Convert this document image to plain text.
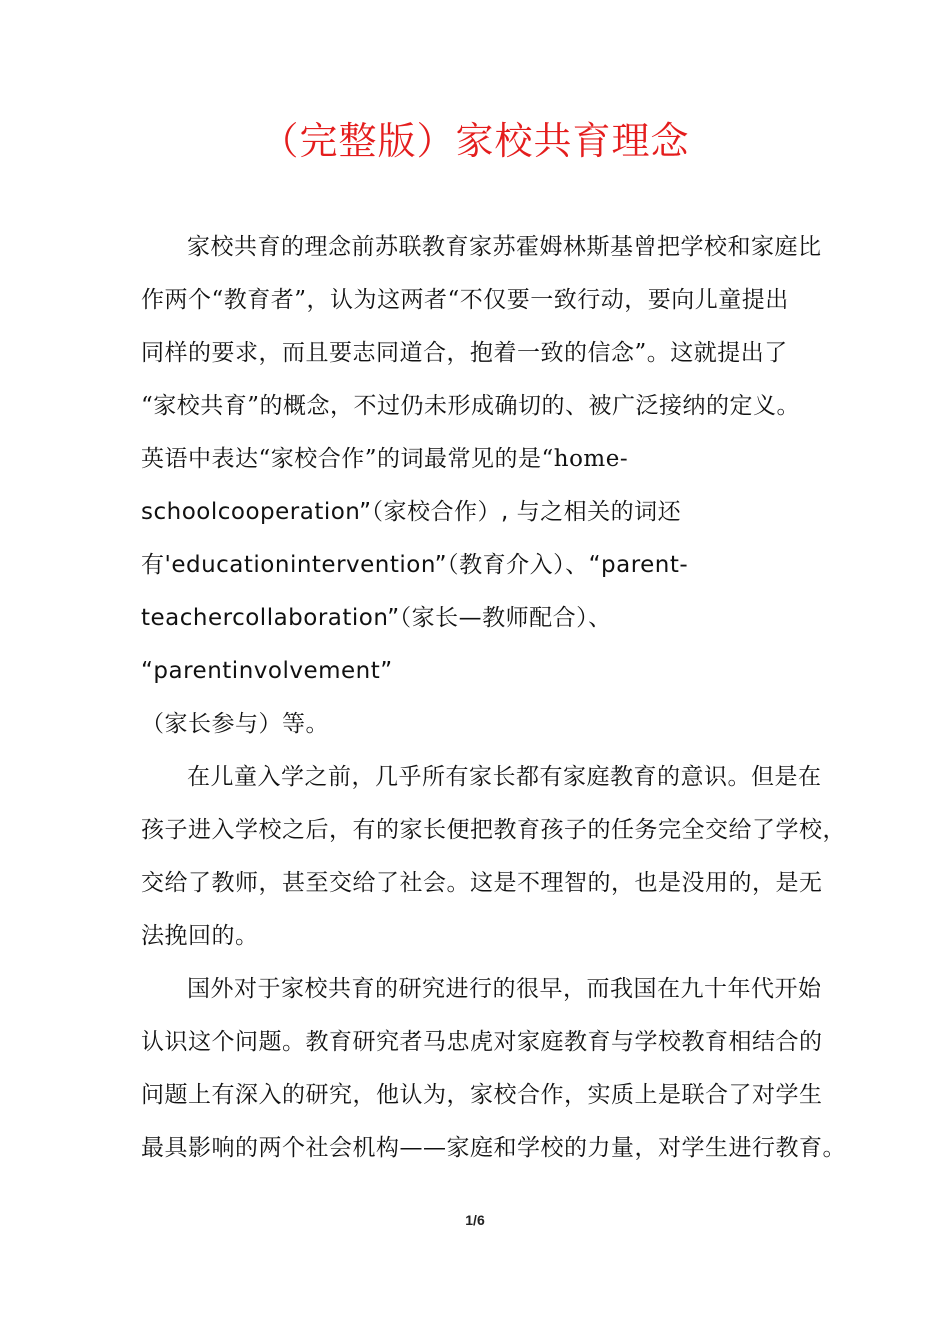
（完整版）家校共育理念
家校共育的理念前苏联教育家苏霍姆林斯基曾把学校和家庭比
作两个“教育者”，认为这两者“不仅要一致行动，要向儿童提出
同样的要求，而且要志同道合，抱着一致的信念”。这就提出了
“家校共育”的概念，不过仍未形成确切的、被广泛接纳的定义。
英语中表达“家校合作”的词最常见的是“home-
schoolcooperation”（家校合作）, 与之相关的词还
有'educationintervention”（教育介入）、“parent-
teachercollaboration”（家长—教师配合）、
“parentinvolvement”
（家长参与）等。
在儿童入学之前，几乎所有家长都有家庭教育的意识。但是在
孩子进入学校之后，有的家长便把教育孩子的任务完全交给了学校，
交给了教师，甚至交给了社会。这是不理智的，也是没用的，是无
法挽回的。
国外对于家校共育的研究进行的很早，而我国在九十年代开始
认识这个问题。教育研究者马忠虎对家庭教育与学校教育相结合的
问题上有深入的研究，他认为，家校合作，实质上是联合了对学生
最具影响的两个社会机构——家庭和学校的力量，对学生进行教育。
1/6
